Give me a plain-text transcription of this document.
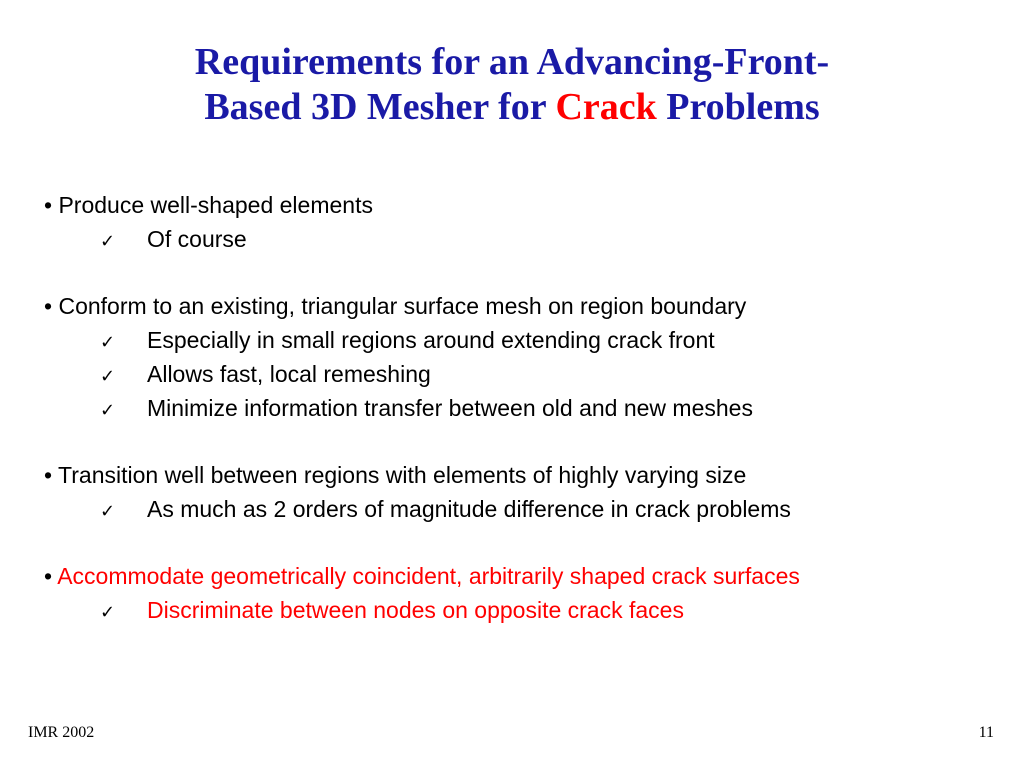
Requirements for an Advancing-Front-
Based 3D Mesher for Crack Problems
• Produce well-shaped elements
✓ Of course
• Conform to an existing, triangular surface mesh on region boundary
✓ Especially in small regions around extending crack front
✓ Allows fast, local remeshing
✓ Minimize information transfer between old and new meshes
• Transition well between regions with elements of highly varying size
✓ As much as 2 orders of magnitude difference in crack problems
• Accommodate geometrically coincident, arbitrarily shaped crack surfaces
✓ Discriminate between nodes on opposite crack faces
IMR 2002	11
